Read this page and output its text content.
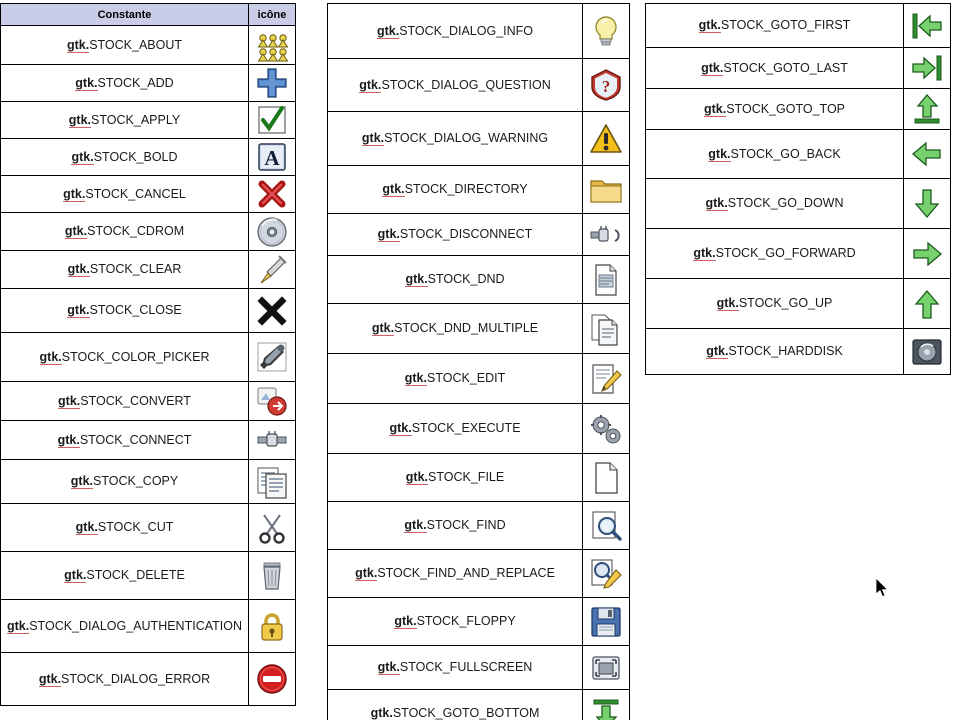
Constante	icône
gtk.STOCK_ABOUT	

gtk.STOCK_ADD	

gtk.STOCK_APPLY	

gtk.STOCK_BOLD	A

gtk.STOCK_CANCEL	

gtk.STOCK_CDROM	

gtk.STOCK_CLEAR	

gtk.STOCK_CLOSE	

gtk.STOCK_COLOR_PICKER	

gtk.STOCK_CONVERT	

gtk.STOCK_CONNECT	

gtk.STOCK_COPY	

gtk.STOCK_CUT	

gtk.STOCK_DELETE	

gtk.STOCK_DIALOG_AUTHENTICATION	

gtk.STOCK_DIALOG_ERROR	
gtk.STOCK_DIALOG_INFO	

gtk.STOCK_DIALOG_QUESTION	?

gtk.STOCK_DIALOG_WARNING	

gtk.STOCK_DIRECTORY	

gtk.STOCK_DISCONNECT	

gtk.STOCK_DND	

gtk.STOCK_DND_MULTIPLE	

gtk.STOCK_EDIT	

gtk.STOCK_EXECUTE	

gtk.STOCK_FILE	

gtk.STOCK_FIND	

gtk.STOCK_FIND_AND_REPLACE	

gtk.STOCK_FLOPPY	

gtk.STOCK_FULLSCREEN	

gtk.STOCK_GOTO_BOTTOM	
gtk.STOCK_GOTO_FIRST	

gtk.STOCK_GOTO_LAST	

gtk.STOCK_GOTO_TOP	

gtk.STOCK_GO_BACK	

gtk.STOCK_GO_DOWN	

gtk.STOCK_GO_FORWARD	

gtk.STOCK_GO_UP	

gtk.STOCK_HARDDISK	
